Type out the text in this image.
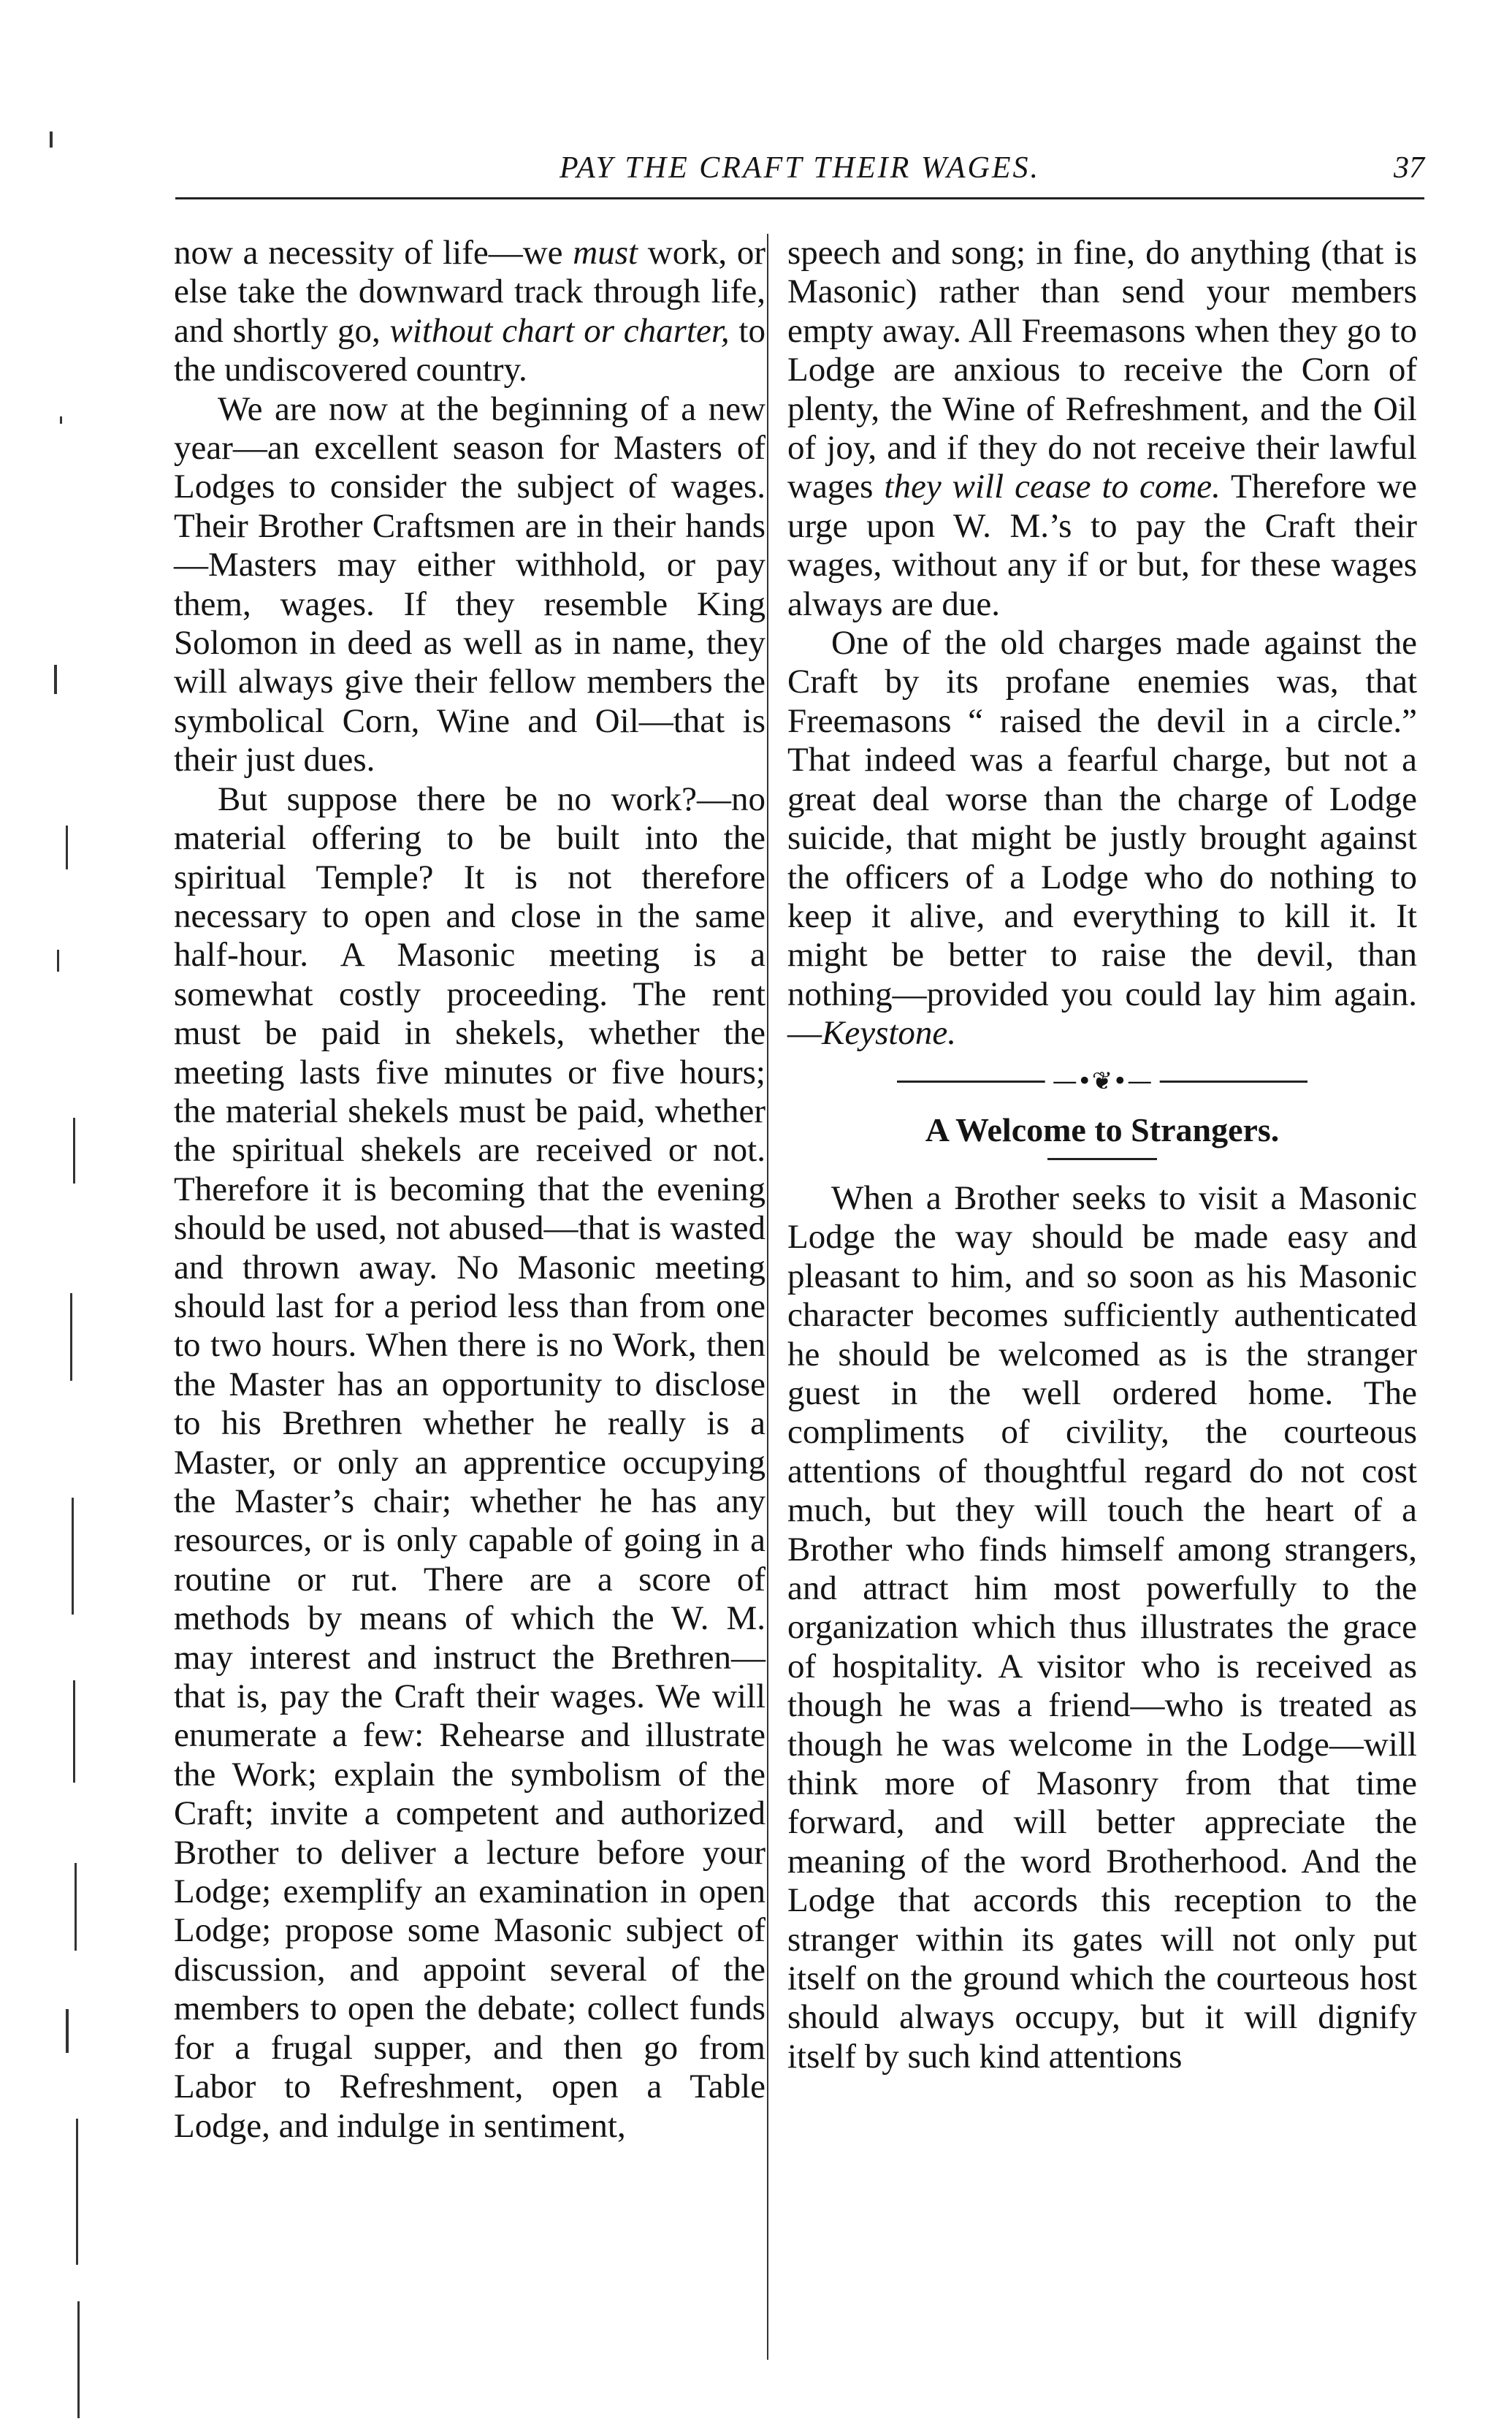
PAY THE CRAFT THEIR WAGES.	37

now a necessity of life—we must work, or else take the downward track through life, and shortly go, without chart or charter, to the undiscovered country.

We are now at the beginning of a new year—an excellent season for Masters of Lodges to consider the subject of wages. Their Brother Craftsmen are in their hands—Masters may either withhold, or pay them, wages. If they resemble King Solomon in deed as well as in name, they will always give their fellow members the symbolical Corn, Wine and Oil—that is their just dues.

But suppose there be no work?—no material offering to be built into the spiritual Temple? It is not therefore necessary to open and close in the same half-hour. A Masonic meeting is a somewhat costly proceeding. The rent must be paid in shekels, whether the meeting lasts five minutes or five hours; the material shekels must be paid, whether the spiritual shekels are received or not. Therefore it is becoming that the evening should be used, not abused—that is wasted and thrown away. No Masonic meeting should last for a period less than from one to two hours. When there is no Work, then the Master has an opportunity to disclose to his Brethren whether he really is a Master, or only an apprentice occupying the Master’s chair; whether he has any resources, or is only capable of going in a routine or rut. There are a score of methods by means of which the W. M. may interest and instruct the Brethren—that is, pay the Craft their wages. We will enumerate a few: Rehearse and illustrate the Work; explain the symbolism of the Craft; invite a competent and authorized Brother to deliver a lecture before your Lodge; exemplify an examination in open Lodge; propose some Masonic subject of discussion, and appoint several of the members to open the debate; collect funds for a frugal supper, and then go from Labor to Refreshment, open a Table Lodge, and indulge in sentiment,

speech and song; in fine, do anything (that is Masonic) rather than send your members empty away. All Freemasons when they go to Lodge are anxious to receive the Corn of plenty, the Wine of Refreshment, and the Oil of joy, and if they do not receive their lawful wages they will cease to come. Therefore we urge upon W. M.’s to pay the Craft their wages, without any if or but, for these wages always are due.

One of the old charges made against the Craft by its profane enemies was, that Freemasons “ raised the devil in a circle.” That indeed was a fearful charge, but not a great deal worse than the charge of Lodge suicide, that might be justly brought against the officers of a Lodge who do nothing to keep it alive, and everything to kill it. It might be better to raise the devil, than nothing—provided you could lay him again.—Keystone.

—•❦•—
A Welcome to Strangers.

When a Brother seeks to visit a Masonic Lodge the way should be made easy and pleasant to him, and so soon as his Masonic character becomes sufficiently authenticated he should be welcomed as is the stranger guest in the well ordered home. The compliments of civility, the courteous attentions of thoughtful regard do not cost much, but they will touch the heart of a Brother who finds himself among strangers, and attract him most powerfully to the organization which thus illustrates the grace of hospitality. A visitor who is received as though he was a friend—who is treated as though he was welcome in the Lodge—will think more of Masonry from that time forward, and will better appreciate the meaning of the word Brotherhood. And the Lodge that accords this reception to the stranger within its gates will not only put itself on the ground which the courteous host should always occupy, but it will dignify itself by such kind attentions
